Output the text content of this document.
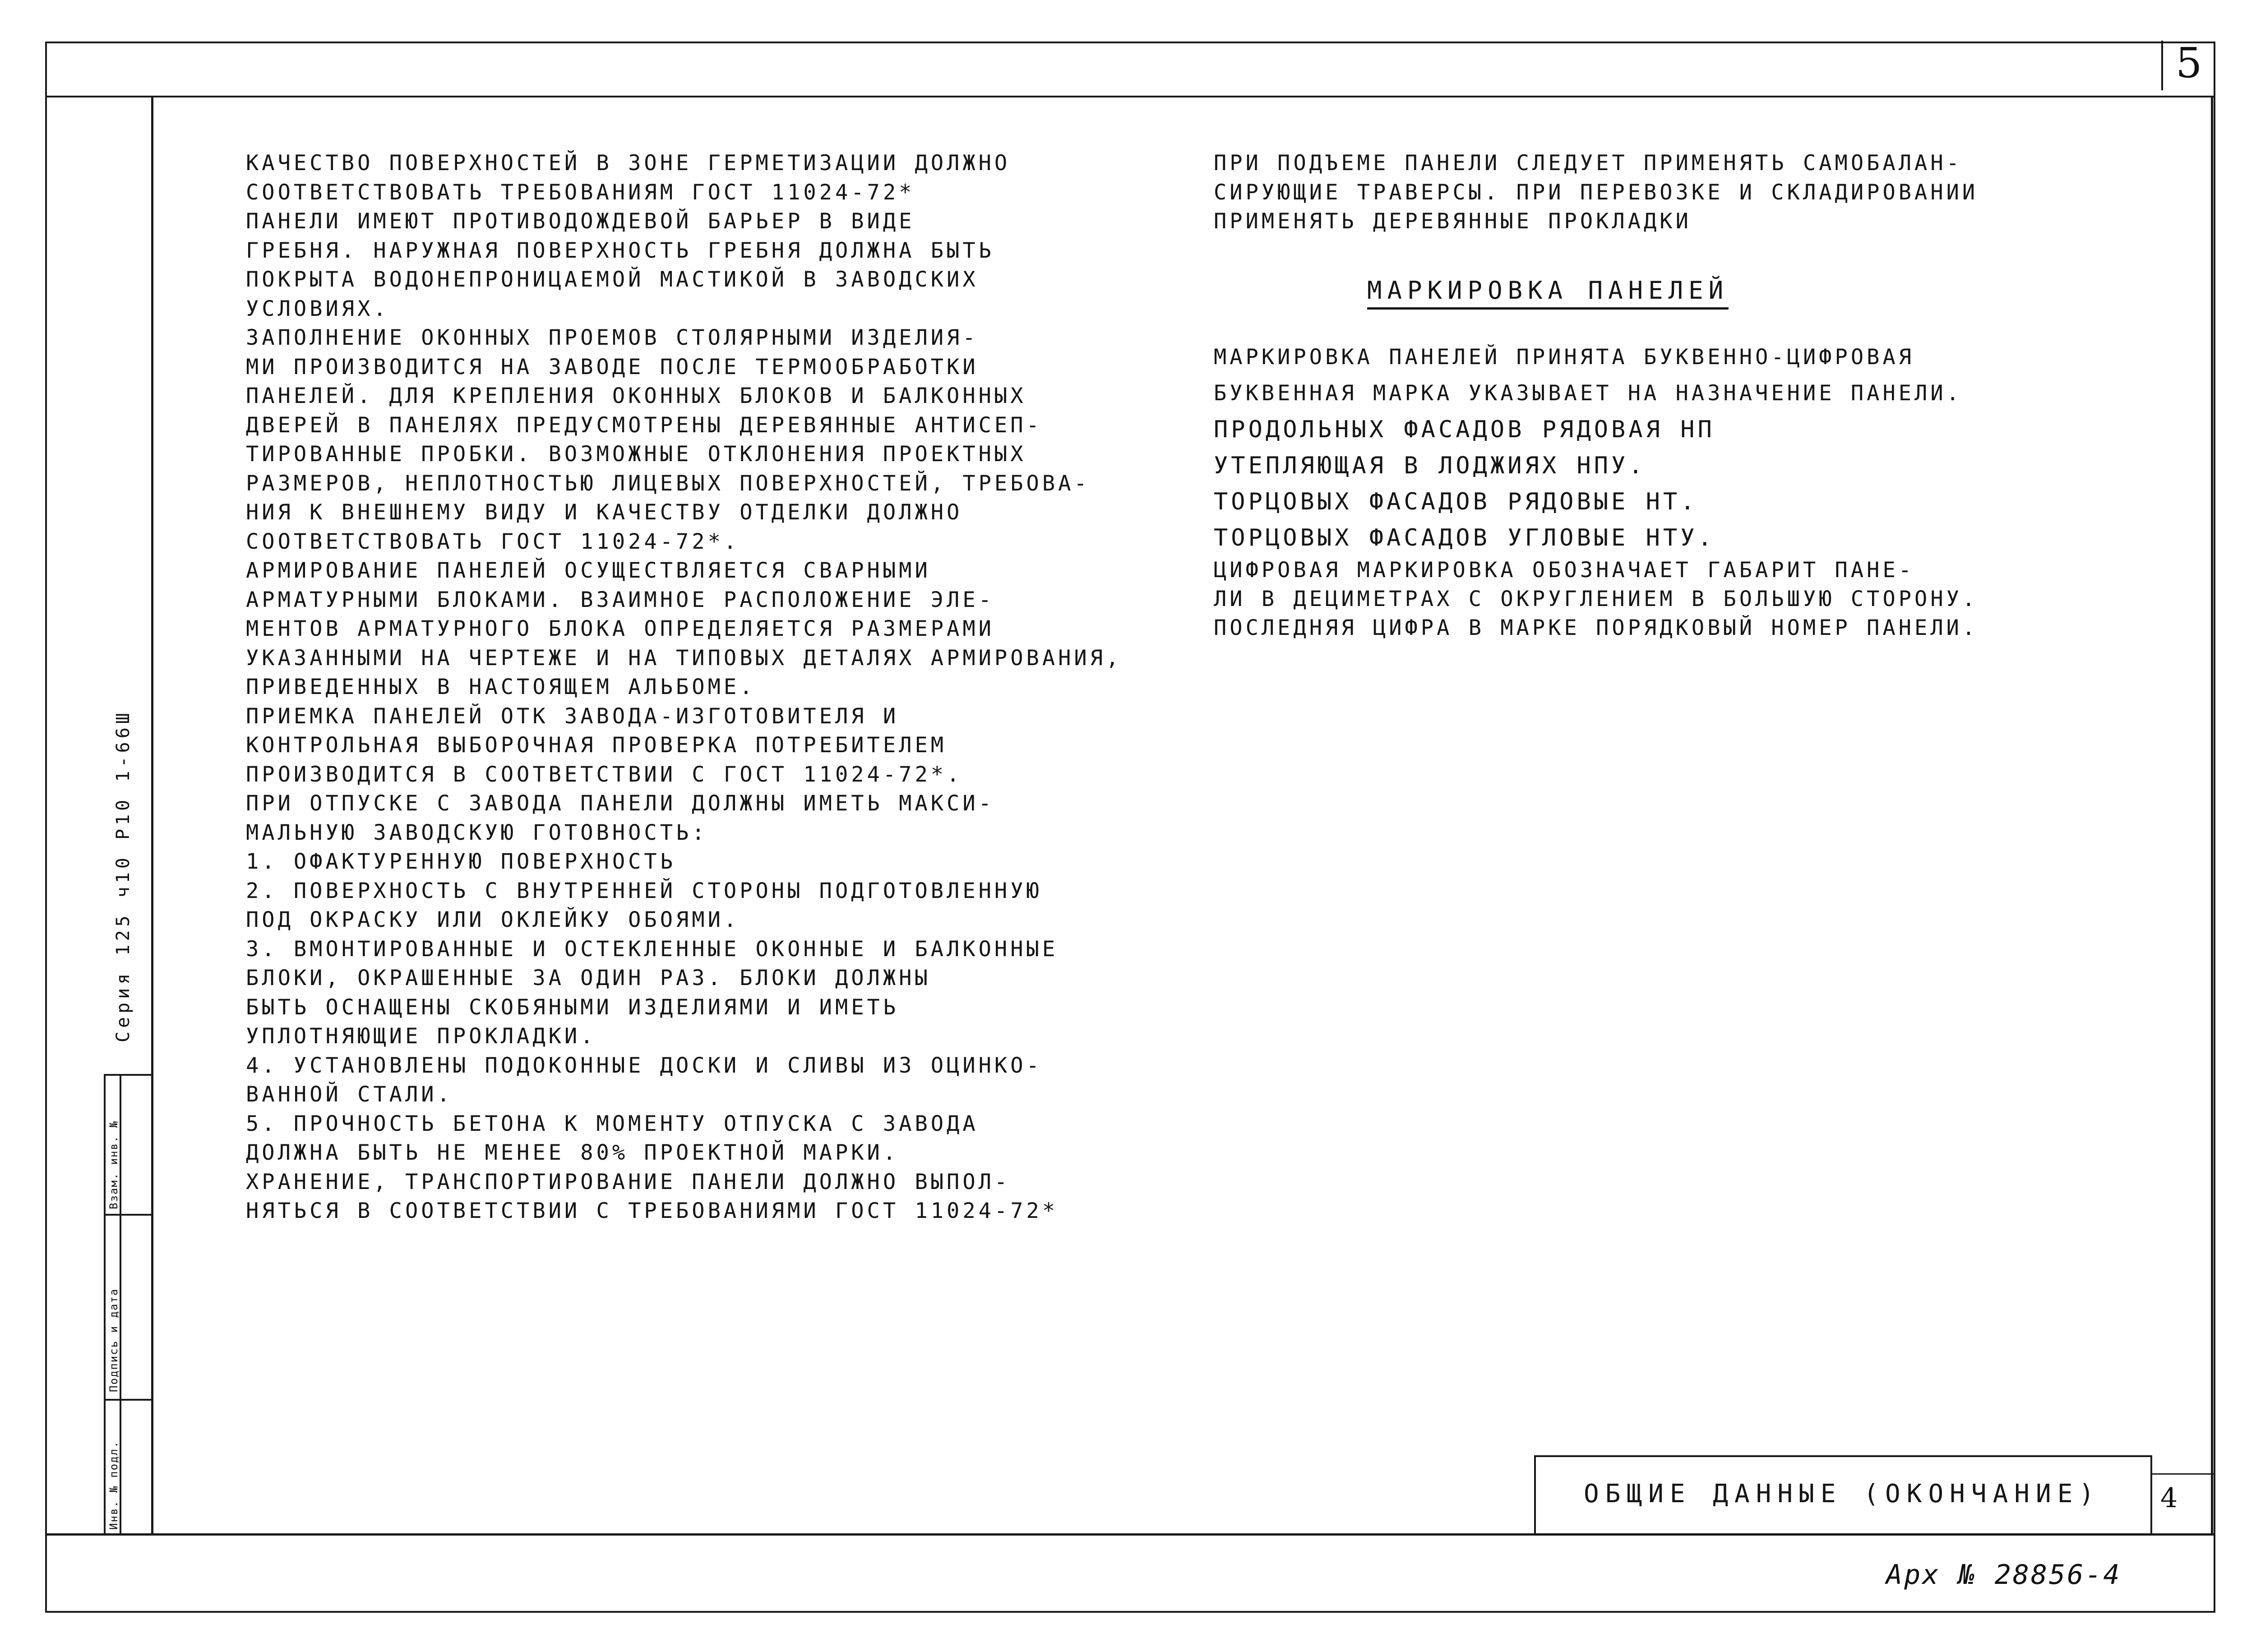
Инв. № подл.
Подпись и дата
Взам. инв. №
Серия 125 ч10 Р10 1-66Ш
5
КАЧЕСТВО ПОВЕРХНОСТЕЙ В ЗОНЕ ГЕРМЕТИЗАЦИИ ДОЛЖНО
СООТВЕТСТВОВАТЬ ТРЕБОВАНИЯМ ГОСТ 11024-72*
ПАНЕЛИ ИМЕЮТ ПРОТИВОДОЖДЕВОЙ БАРЬЕР В ВИДЕ
ГРЕБНЯ. НАРУЖНАЯ ПОВЕРХНОСТЬ ГРЕБНЯ ДОЛЖНА БЫТЬ
ПОКРЫТА ВОДОНЕПРОНИЦАЕМОЙ МАСТИКОЙ В ЗАВОДСКИХ
УСЛОВИЯХ.
ЗАПОЛНЕНИЕ ОКОННЫХ ПРОЕМОВ СТОЛЯРНЫМИ ИЗДЕЛИЯ-
МИ ПРОИЗВОДИТСЯ НА ЗАВОДЕ ПОСЛЕ ТЕРМООБРАБОТКИ
ПАНЕЛЕЙ. ДЛЯ КРЕПЛЕНИЯ ОКОННЫХ БЛОКОВ И БАЛКОННЫХ
ДВЕРЕЙ В ПАНЕЛЯХ ПРЕДУСМОТРЕНЫ ДЕРЕВЯННЫЕ АНТИСЕП-
ТИРОВАННЫЕ ПРОБКИ. ВОЗМОЖНЫЕ ОТКЛОНЕНИЯ ПРОЕКТНЫХ
РАЗМЕРОВ, НЕПЛОТНОСТЬЮ ЛИЦЕВЫХ ПОВЕРХНОСТЕЙ, ТРЕБОВА-
НИЯ К ВНЕШНЕМУ ВИДУ И КАЧЕСТВУ ОТДЕЛКИ ДОЛЖНО
СООТВЕТСТВОВАТЬ ГОСТ 11024-72*.
АРМИРОВАНИЕ ПАНЕЛЕЙ ОСУЩЕСТВЛЯЕТСЯ СВАРНЫМИ
АРМАТУРНЫМИ БЛОКАМИ. ВЗАИМНОЕ РАСПОЛОЖЕНИЕ ЭЛЕ-
МЕНТОВ АРМАТУРНОГО БЛОКА ОПРЕДЕЛЯЕТСЯ РАЗМЕРАМИ
УКАЗАННЫМИ НА ЧЕРТЕЖЕ И НА ТИПОВЫХ ДЕТАЛЯХ АРМИРОВАНИЯ,
ПРИВЕДЕННЫХ В НАСТОЯЩЕМ АЛЬБОМЕ.
ПРИЕМКА ПАНЕЛЕЙ ОТК ЗАВОДА-ИЗГОТОВИТЕЛЯ И
КОНТРОЛЬНАЯ ВЫБОРОЧНАЯ ПРОВЕРКА ПОТРЕБИТЕЛЕМ
ПРОИЗВОДИТСЯ В СООТВЕТСТВИИ С ГОСТ 11024-72*.
ПРИ ОТПУСКЕ С ЗАВОДА ПАНЕЛИ ДОЛЖНЫ ИМЕТЬ МАКСИ-
МАЛЬНУЮ ЗАВОДСКУЮ ГОТОВНОСТЬ:
1. ОФАКТУРЕННУЮ ПОВЕРХНОСТЬ
2. ПОВЕРХНОСТЬ С ВНУТРЕННЕЙ СТОРОНЫ ПОДГОТОВЛЕННУЮ
ПОД ОКРАСКУ ИЛИ ОКЛЕЙКУ ОБОЯМИ.
3. ВМОНТИРОВАННЫЕ И ОСТЕКЛЕННЫЕ ОКОННЫЕ И БАЛКОННЫЕ
БЛОКИ, ОКРАШЕННЫЕ ЗА ОДИН РАЗ. БЛОКИ ДОЛЖНЫ
БЫТЬ ОСНАЩЕНЫ СКОБЯНЫМИ ИЗДЕЛИЯМИ И ИМЕТЬ
УПЛОТНЯЮЩИЕ ПРОКЛАДКИ.
4. УСТАНОВЛЕНЫ ПОДОКОННЫЕ ДОСКИ И СЛИВЫ ИЗ ОЦИНКО-
ВАННОЙ СТАЛИ.
5. ПРОЧНОСТЬ БЕТОНА К МОМЕНТУ ОТПУСКА С ЗАВОДА
ДОЛЖНА БЫТЬ НЕ МЕНЕЕ 80% ПРОЕКТНОЙ МАРКИ.
ХРАНЕНИЕ, ТРАНСПОРТИРОВАНИЕ ПАНЕЛИ ДОЛЖНО ВЫПОЛ-
НЯТЬСЯ В СООТВЕТСТВИИ С ТРЕБОВАНИЯМИ ГОСТ 11024-72*
ПРИ ПОДЪЕМЕ ПАНЕЛИ СЛЕДУЕТ ПРИМЕНЯТЬ САМОБАЛАН-
СИРУЮЩИЕ ТРАВЕРСЫ. ПРИ ПЕРЕВОЗКЕ И СКЛАДИРОВАНИИ
ПРИМЕНЯТЬ ДЕРЕВЯННЫЕ ПРОКЛАДКИ
МАРКИРОВКА ПАНЕЛЕЙ
МАРКИРОВКА ПАНЕЛЕЙ ПРИНЯТА БУКВЕННО-ЦИФРОВАЯ
БУКВЕННАЯ МАРКА УКАЗЫВАЕТ НА НАЗНАЧЕНИЕ ПАНЕЛИ.
ПРОДОЛЬНЫХ ФАСАДОВ РЯДОВАЯ НП
УТЕПЛЯЮЩАЯ В ЛОДЖИЯХ НПУ.
ТОРЦОВЫХ ФАСАДОВ РЯДОВЫЕ НТ.
ТОРЦОВЫХ ФАСАДОВ УГЛОВЫЕ НТУ.
ЦИФРОВАЯ МАРКИРОВКА ОБОЗНАЧАЕТ ГАБАРИТ ПАНЕ-
ЛИ В ДЕЦИМЕТРАХ С ОКРУГЛЕНИЕМ В БОЛЬШУЮ СТОРОНУ.
ПОСЛЕДНЯЯ ЦИФРА В МАРКЕ ПОРЯДКОВЫЙ НОМЕР ПАНЕЛИ.
ОБЩИЕ ДАННЫЕ (ОКОНЧАНИЕ) 4
Арх № 28856-4
